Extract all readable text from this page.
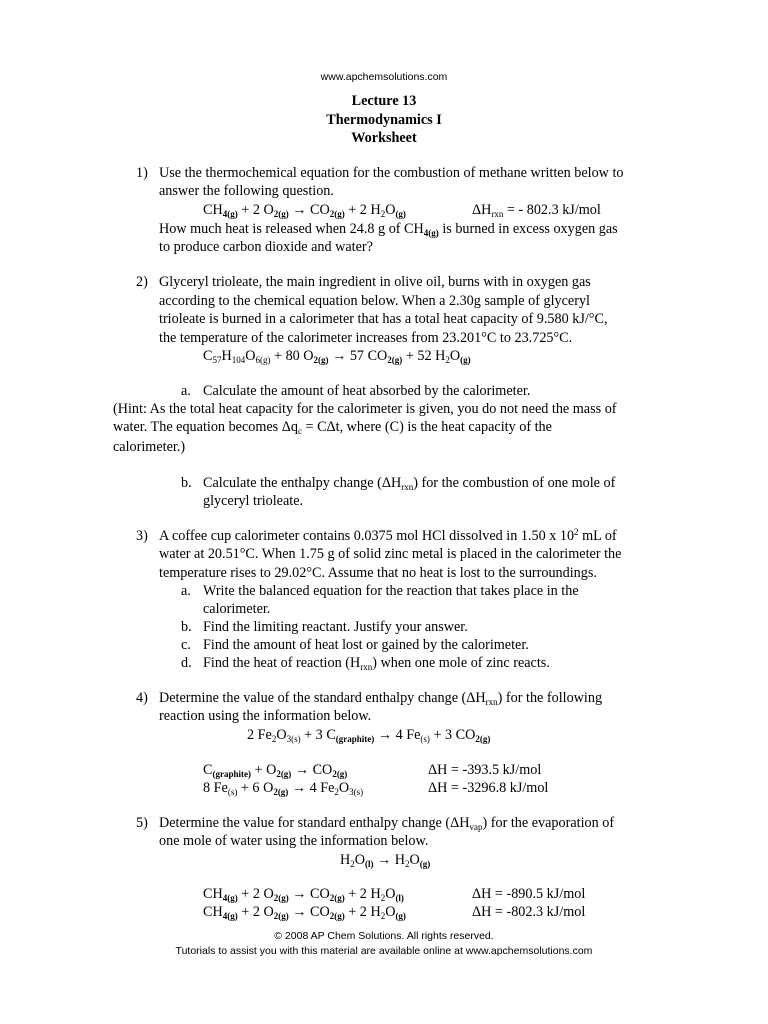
www.apchemsolutions.com
Lecture 13
Thermodynamics I
Worksheet
1) Use the thermochemical equation for the combustion of methane written below to
answer the following question.
$CH_{4(g)} + 2$ $O_{2(g)} \to CO_{2(g)} + 2$ $H_2O_{(g)}$	$\Delta H_{rxn}$ = - 802.3 kJ/mol
How much heat is released when 24.8 g of $CH_{4(g)}$ is burned in excess oxygen gas
to produce carbon dioxide and water?
2) Glyceryl trioleate, the main ingredient in olive oil, burns with in oxygen gas
according to the chemical equation below. When a 2.30g sample of glyceryl
trioleate is burned in a calorimeter that has a total heat capacity of 9.580 kJ/°C,
the temperature of the calorimeter increases from 23.201°C to 23.725°C.
$C_{57}H_{104}O_{6(g)} + 80$ $O_{2(g)} \to 57$ $CO_{2(g)} + 52$ $H_2O_{(g)}$
a. Calculate the amount of heat absorbed by the calorimeter.
(Hint: As the total heat capacity for the calorimeter is given, you do not need the mass of
water. The equation becomes $\Delta q_c = C\Delta t$, where (C) is the heat capacity of the
calorimeter.)
b. Calculate the enthalpy change $(\Delta H_{rxn})$ for the combustion of one mole of
glyceryl trioleate.
3) A coffee cup calorimeter contains 0.0375 mol HCl dissolved in 1.50 x $10^2$ mL of
water at 20.51°C. When 1.75 g of solid zinc metal is placed in the calorimeter the
temperature rises to 29.02°C. Assume that no heat is lost to the surroundings.
a. Write the balanced equation for the reaction that takes place in the
calorimeter.
b. Find the limiting reactant. Justify your answer.
c. Find the amount of heat lost or gained by the calorimeter.
d. Find the heat of reaction $(H_{rxn})$ when one mole of zinc reacts.
4) Determine the value of the standard enthalpy change $(\Delta H_{rxn})$ for the following
reaction using the information below.
2 $Fe_2O_{3(s)} + 3$ $C_{(graphite)} \to 4$ $Fe_{(s)} + 3$ $CO_{2(g)}$
$C_{(graphite)} + O_{2(g)} \to CO_{2(g)}$	ΔH = -393.5 kJ/mol
8 $Fe_{(s)} + 6$ $O_{2(g)} \to 4$ $Fe_2O_{3(s)}$	ΔH = -3296.8 kJ/mol
5) Determine the value for standard enthalpy change $(\Delta H_{vap})$ for the evaporation of
one mole of water using the information below.
$H_2O_{(l)} \to H_2O_{(g)}$
$CH_{4(g)} + 2$ $O_{2(g)} \to CO_{2(g)} + 2$ $H_2O_{(l)}$	ΔH = -890.5 kJ/mol
$CH_{4(g)} + 2$ $O_{2(g)} \to CO_{2(g)} + 2$ $H_2O_{(g)}$	ΔH = -802.3 kJ/mol
© 2008 AP Chem Solutions. All rights reserved.
Tutorials to assist you with this material are available online at www.apchemsolutions.com
